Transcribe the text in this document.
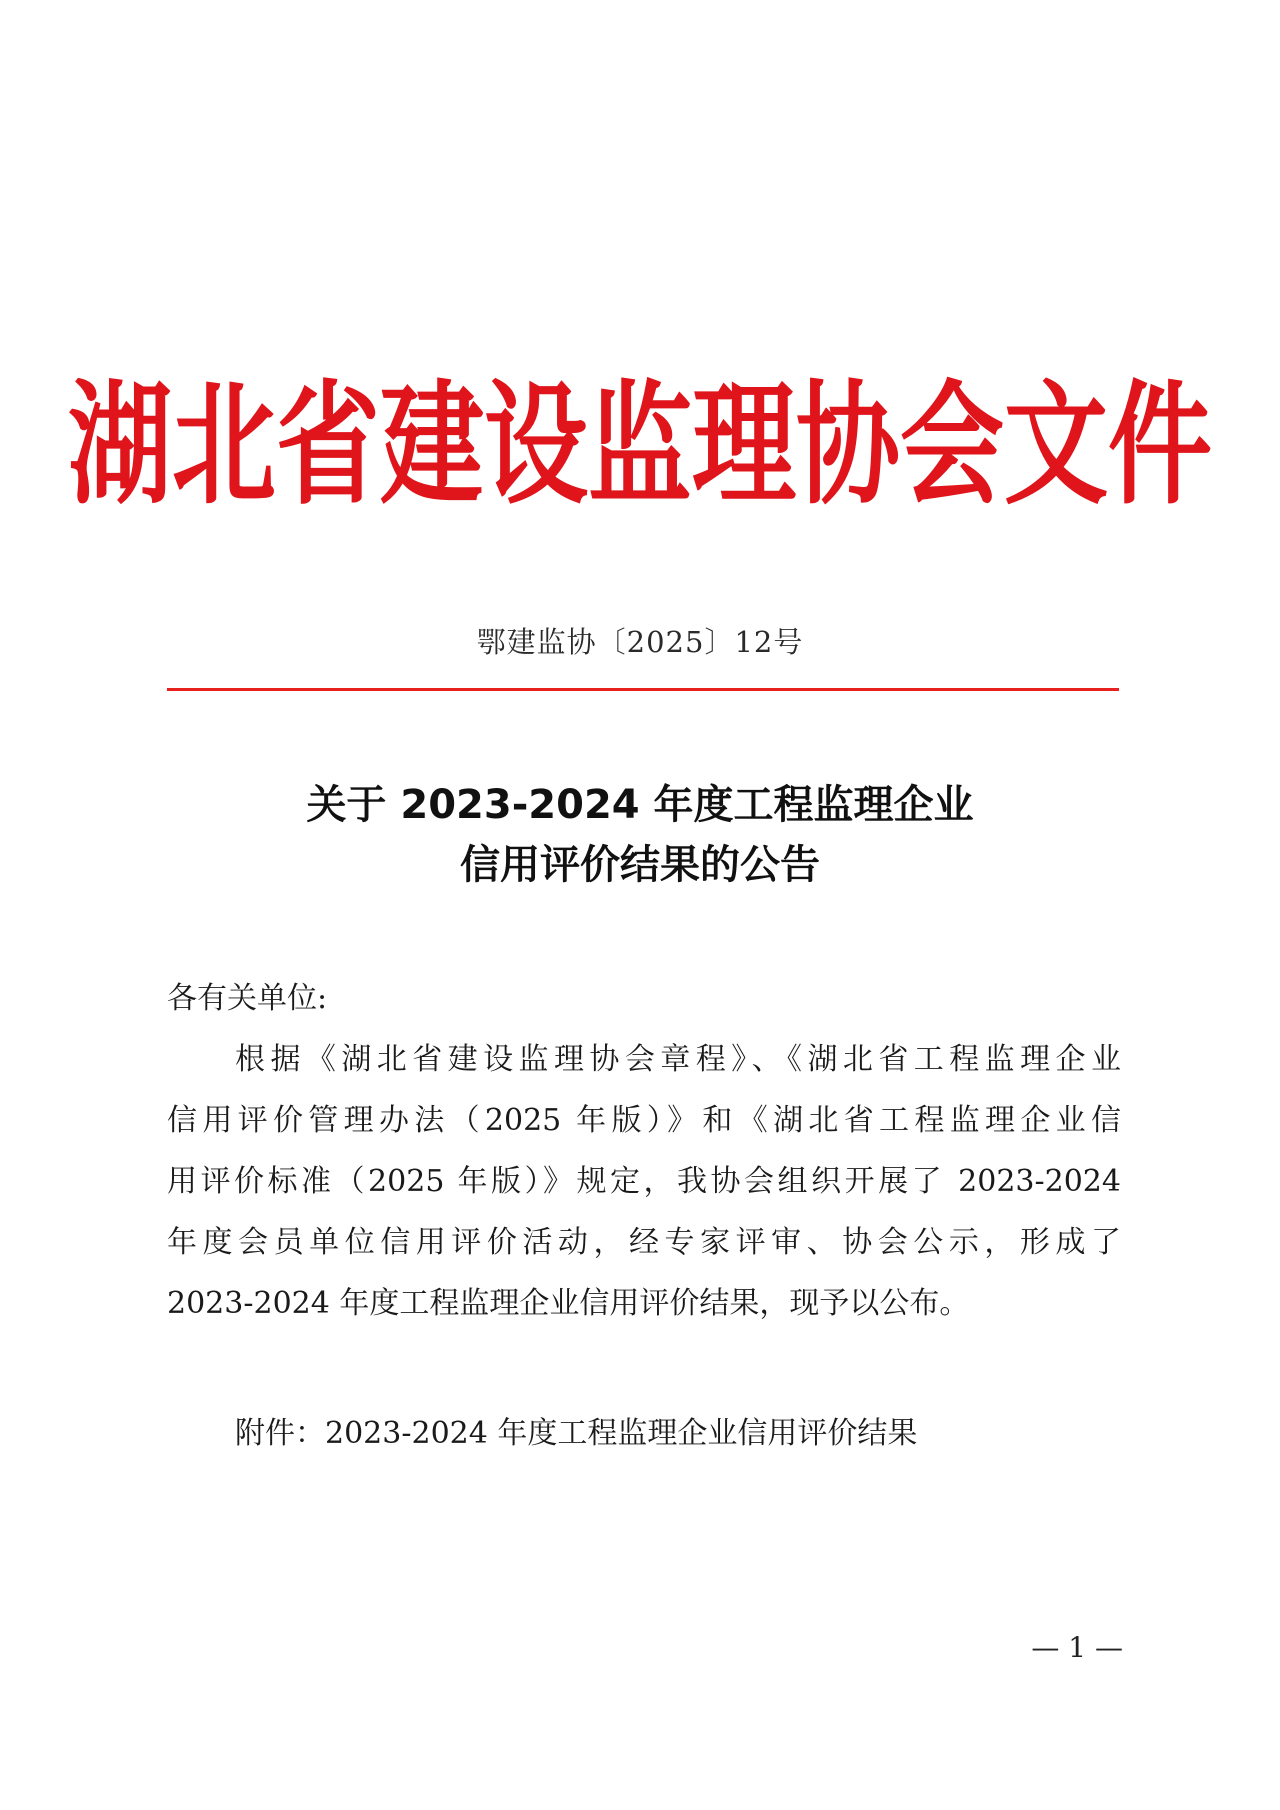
湖北省建设监理协会文件
鄂建监协〔2025〕12号
关于 2023-2024 年度工程监理企业
信用评价结果的公告
各有关单位:
根据《湖北省建设监理协会章程》、《湖北省工程监理企业
信用评价管理办法（2025 年版）》和《湖北省工程监理企业信
用评价标准（2025 年版）》规定，我协会组织开展了 2023-2024
年度会员单位信用评价活动，经专家评审、协会公示，形成了
2023-2024 年度工程监理企业信用评价结果，现予以公布。
附件：2023-2024 年度工程监理企业信用评价结果
— 1 —
